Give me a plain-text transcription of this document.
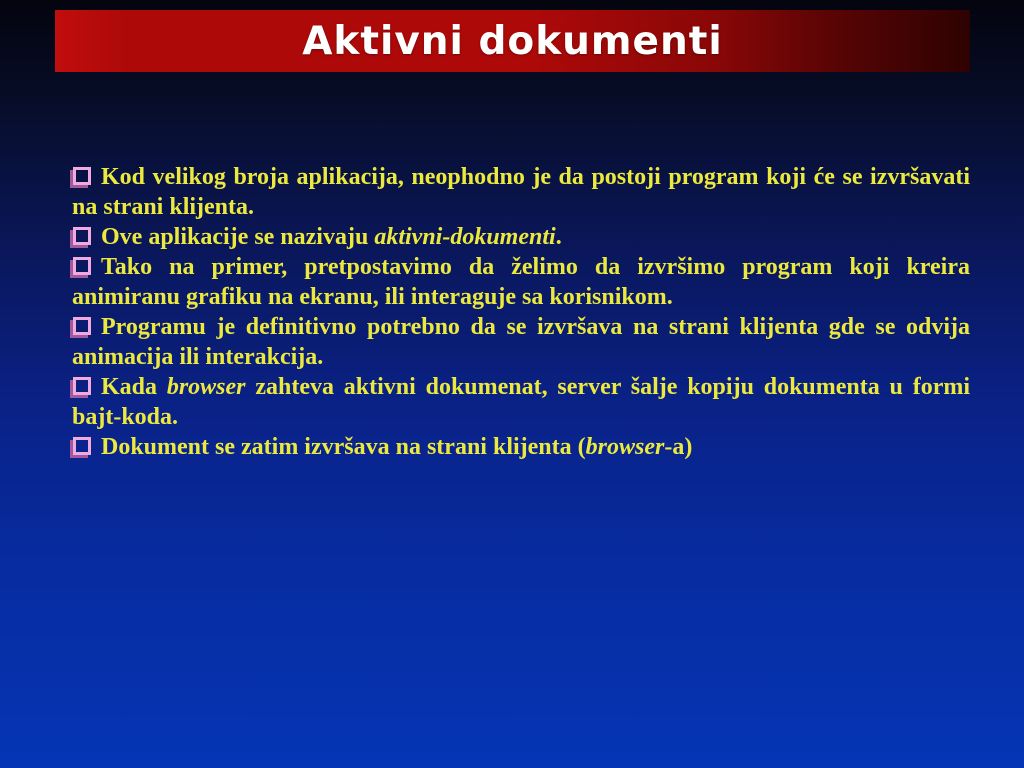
Aktivni dokumenti

Kod velikog broja aplikacija, neophodno je da postoji program koji će se izvršavati na strani klijenta.

Ove aplikacije se nazivaju aktivni-dokumenti.

Tako na primer, pretpostavimo da želimo da izvršimo program koji kreira animiranu grafiku na ekranu, ili interaguje sa korisnikom.

Programu je definitivno potrebno da se izvršava na strani klijenta gde se odvija animacija ili interakcija.

Kada browser zahteva aktivni dokumenat, server šalje kopiju dokumenta u formi bajt-koda.

Dokument se zatim izvršava na strani klijenta (browser-a)
